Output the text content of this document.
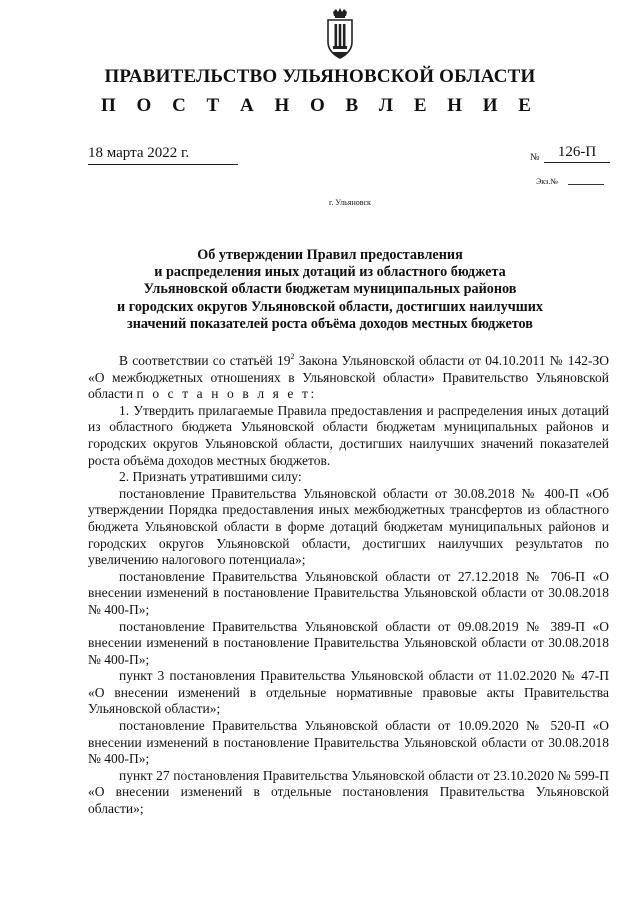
ПРАВИТЕЛЬСТВО УЛЬЯНОВСКОЙ ОБЛАСТИ
П О С Т А Н О В Л Е Н И Е
18 марта 2022 г.	№	126-П
Экз.№
г. Ульяновск
Об утверждении Правил предоставления
и распределения иных дотаций из областного бюджета
Ульяновской области бюджетам муниципальных районов
и городских округов Ульяновской области, достигших наилучших
значений показателей роста объёма доходов местных бюджетов

В соответствии со статьёй $19^2$ Закона Ульяновской области от 04.10.2011 № 142-ЗО «О межбюджетных отношениях в Ульяновской области» Правительство Ульяновской области п о с т а н о в л я е т:

1. Утвердить прилагаемые Правила предоставления и распределения иных дотаций из областного бюджета Ульяновской области бюджетам муниципальных районов и городских округов Ульяновской области, достигших наилучших значений показателей роста объёма доходов местных бюджетов.

2. Признать утратившими силу:

постановление Правительства Ульяновской области от 30.08.2018 № 400-П «Об утверждении Порядка предоставления иных межбюджетных трансфертов из областного бюджета Ульяновской области в форме дотаций бюджетам муниципальных районов и городских округов Ульяновской области, достигших наилучших результатов по увеличению налогового потенциала»;

постановление Правительства Ульяновской области от 27.12.2018 № 706-П «О внесении изменений в постановление Правительства Ульяновской области от 30.08.2018 № 400-П»;

постановление Правительства Ульяновской области от 09.08.2019 № 389-П «О внесении изменений в постановление Правительства Ульяновской области от 30.08.2018 № 400-П»;

пункт 3 постановления Правительства Ульяновской области от 11.02.2020 № 47-П «О внесении изменений в отдельные нормативные правовые акты Правительства Ульяновской области»;

постановление Правительства Ульяновской области от 10.09.2020 № 520-П «О внесении изменений в постановление Правительства Ульяновской области от 30.08.2018 № 400-П»;

пункт 27 постановления Правительства Ульяновской области от 23.10.2020 № 599-П «О внесении изменений в отдельные постановления Правительства Ульяновской области»;
